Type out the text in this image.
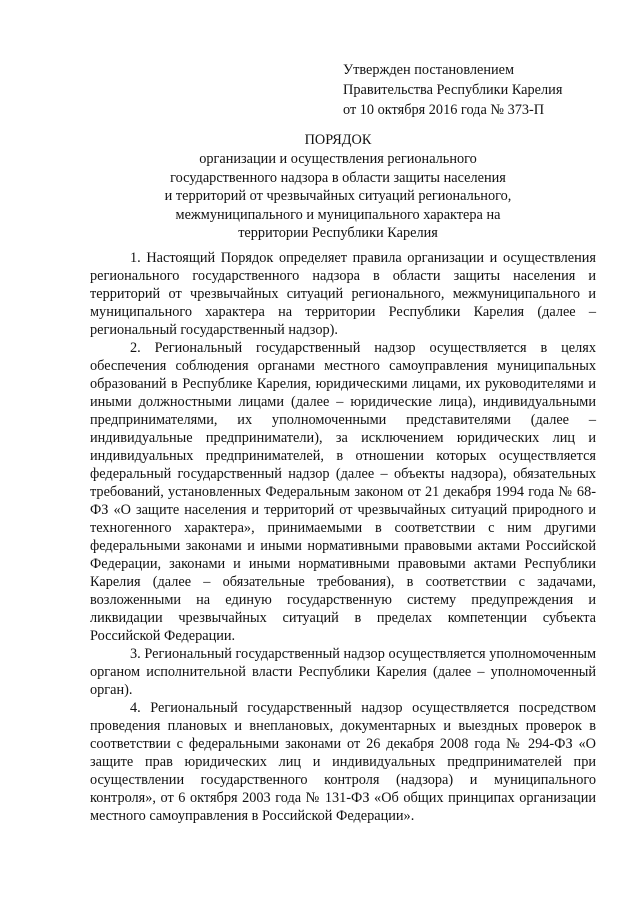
Утвержден постановлением
Правительства Республики Карелия
от 10 октября 2016 года № 373-П
ПОРЯДОК
организации и осуществления регионального
государственного надзора в области защиты населения
и территорий от чрезвычайных ситуаций регионального,
межмуниципального и муниципального характера на
территории Республики Карелия

1. Настоящий Порядок определяет правила организации и осуществления регионального государственного надзора в области защиты населения и территорий от чрезвычайных ситуаций регионального, межмуниципального и муниципального характера на территории Республики Карелия (далее – региональный государственный надзор).

2. Региональный государственный надзор осуществляется в целях обеспечения соблюдения органами местного самоуправления муниципальных образований в Республике Карелия, юридическими лицами, их руководителями и иными должностными лицами (далее – юридические лица), индивидуальными предпринимателями, их уполномоченными представителями (далее – индивидуальные предприниматели), за исключением юридических лиц и индивидуальных предпринимателей, в отношении которых осуществляется федеральный государственный надзор (далее – объекты надзора), обязательных требований, установленных Федеральным законом от 21 декабря 1994 года № 68-ФЗ «О защите населения и территорий от чрезвычайных ситуаций природного и техногенного характера», принимаемыми в соответствии с ним другими федеральными законами и иными нормативными правовыми актами Российской Федерации, законами и иными нормативными правовыми актами Республики Карелия (далее – обязательные требования), в соответствии с задачами, возложенными на единую государственную систему предупреждения и ликвидации чрезвычайных ситуаций в пределах компетенции субъекта Российской Федерации.

3. Региональный государственный надзор осуществляется уполномоченным органом исполнительной власти Республики Карелия (далее – уполномоченный орган).

4. Региональный государственный надзор осуществляется посредством проведения плановых и внеплановых, документарных и выездных проверок в соответствии с федеральными законами от 26 декабря 2008 года № 294-ФЗ «О защите прав юридических лиц и индивидуальных предпринимателей при осуществлении государственного контроля (надзора) и муниципального контроля», от 6 октября 2003 года № 131-ФЗ «Об общих принципах организации местного самоуправления в Российской Федерации».
